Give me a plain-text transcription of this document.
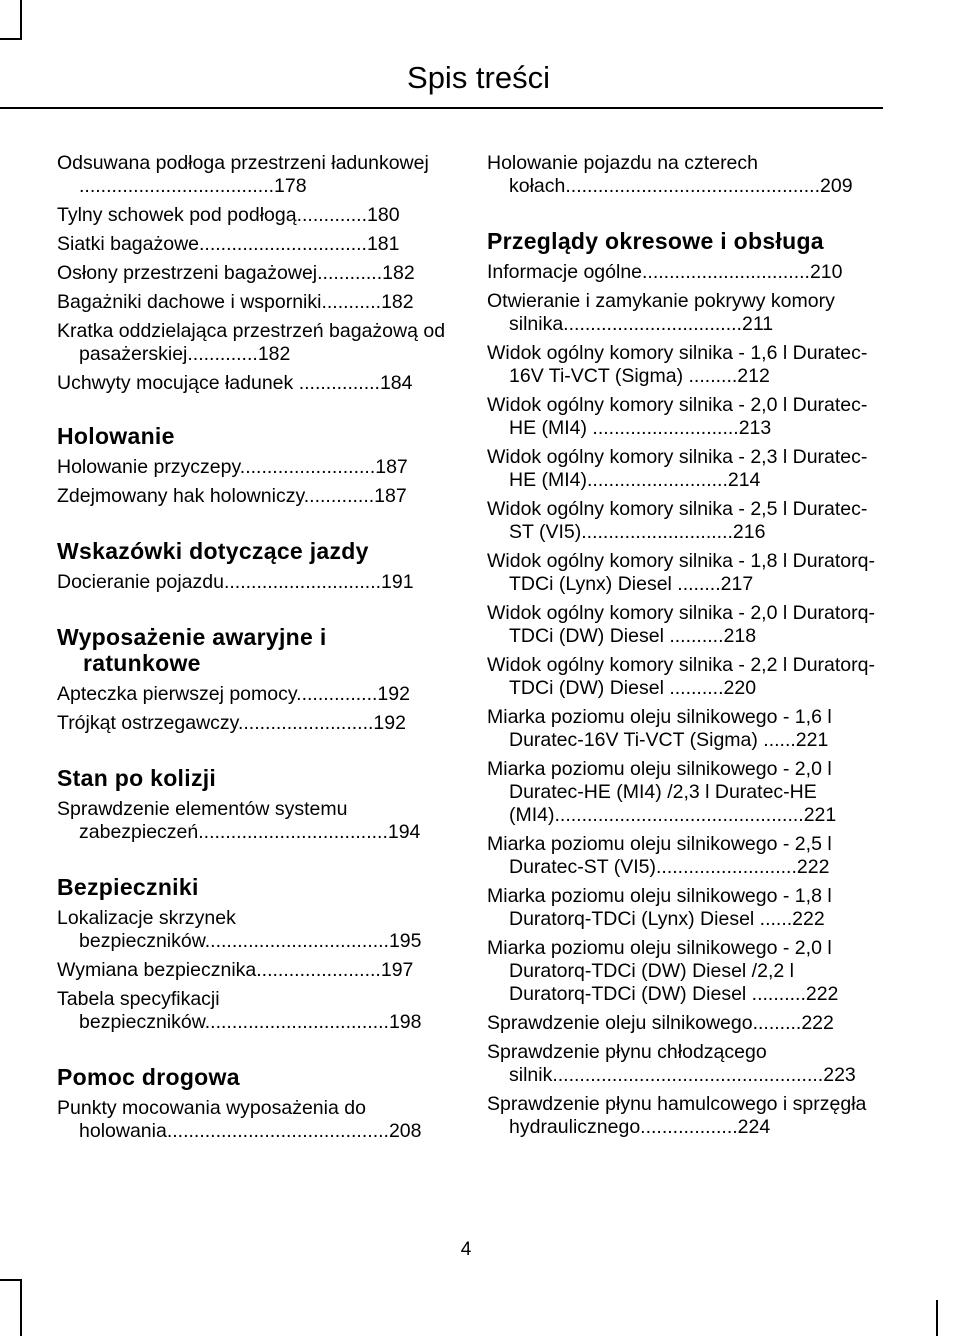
Spis treści

Odsuwana podłoga przestrzeni ładunkowej ....................................178

Tylny schowek pod podłogą.............180

Siatki bagażowe...............................181

Osłony przestrzeni bagażowej............182

Bagażniki dachowe i wsporniki...........182

Kratka oddzielająca przestrzeń bagażową od pasażerskiej.............182

Uchwyty mocujące ładunek ...............184

Holowanie

Holowanie przyczepy.........................187

Zdejmowany hak holowniczy.............187

Wskazówki dotyczące jazdy

Docieranie pojazdu.............................191

Wyposażenie awaryjne i ratunkowe

Apteczka pierwszej pomocy...............192

Trójkąt ostrzegawczy.........................192

Stan po kolizji

Sprawdzenie elementów systemu zabezpieczeń...................................194

Bezpieczniki

Lokalizacje skrzynek bezpieczników..................................195

Wymiana bezpiecznika.......................197

Tabela specyfikacji bezpieczników..................................198

Pomoc drogowa

Punkty mocowania wyposażenia do holowania.........................................208

Holowanie pojazdu na czterech kołach...............................................209

Przeglądy okresowe i obsługa

Informacje ogólne...............................210

Otwieranie i zamykanie pokrywy komory silnika.................................211

Widok ogólny komory silnika - 1,6 l Duratec-16V Ti-VCT (Sigma) .........212

Widok ogólny komory silnika - 2,0 l Duratec-HE (MI4) ...........................213

Widok ogólny komory silnika - 2,3 l Duratec-HE (MI4)..........................214

Widok ogólny komory silnika - 2,5 l Duratec-ST (VI5)............................216

Widok ogólny komory silnika - 1,8 l Duratorq-TDCi (Lynx) Diesel ........217

Widok ogólny komory silnika - 2,0 l Duratorq-TDCi (DW) Diesel ..........218

Widok ogólny komory silnika - 2,2 l Duratorq-TDCi (DW) Diesel ..........220

Miarka poziomu oleju silnikowego - 1,6 l Duratec-16V Ti-VCT (Sigma) ......221

Miarka poziomu oleju silnikowego - 2,0 l Duratec-HE (MI4) /2,3 l Duratec-HE (MI4)..............................................221

Miarka poziomu oleju silnikowego - 2,5 l Duratec-ST (VI5)..........................222

Miarka poziomu oleju silnikowego - 1,8 l Duratorq-TDCi (Lynx) Diesel ......222

Miarka poziomu oleju silnikowego - 2,0 l Duratorq-TDCi (DW) Diesel /2,2 l Duratorq-TDCi (DW) Diesel ..........222

Sprawdzenie oleju silnikowego.........222

Sprawdzenie płynu chłodzącego silnik..................................................223

Sprawdzenie płynu hamulcowego i sprzęgła hydraulicznego..................224

4
